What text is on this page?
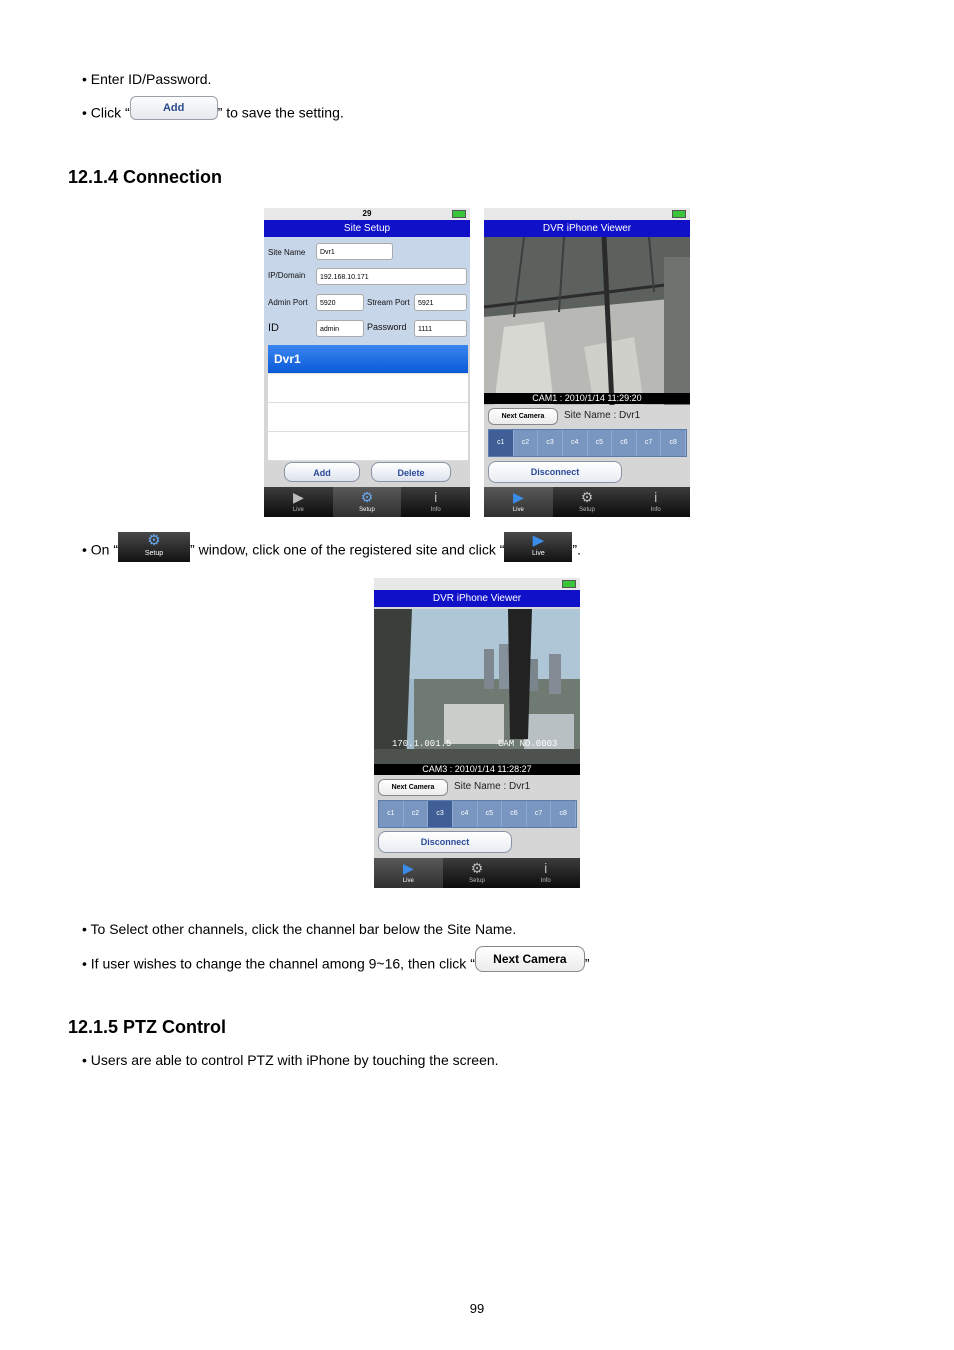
• Enter ID/Password.
• Click “	Add ” to save the setting.
12.1.4 Connection
29
Site Setup
Site Name	Dvr1
IP/Domain	192.168.10.171
Admin Port	5920	Stream Port	5921
ID	admin	Password	1111
Dvr1
Add	Delete
▶
Live
⚙
Setup
i
Info
DVR iPhone Viewer
CAM1 : 2010/1/14 11:29:20
Next Camera	Site Name : Dvr1
c1	c2	c3	c4	c5	c6	c7	c8
Disconnect
▶
Live
⚙
Setup
i
Info
• On “
⚙
Setup ” window, click one of the registered site and click “
▶
Live ”.
DVR iPhone Viewer
170.1.001.5	CAM NO.0003
CAM3 : 2010/1/14 11:28:27
Next Camera	Site Name : Dvr1
c1	c2	c3	c4	c5	c6	c7	c8
Disconnect
▶
Live
⚙
Setup
i
Info
• To Select other channels, click the channel bar below the Site Name.
• If user wishes to change the channel among 9~16, then click “ Next Camera ”
12.1.5 PTZ Control
• Users are able to control PTZ with iPhone by touching the screen.
99
